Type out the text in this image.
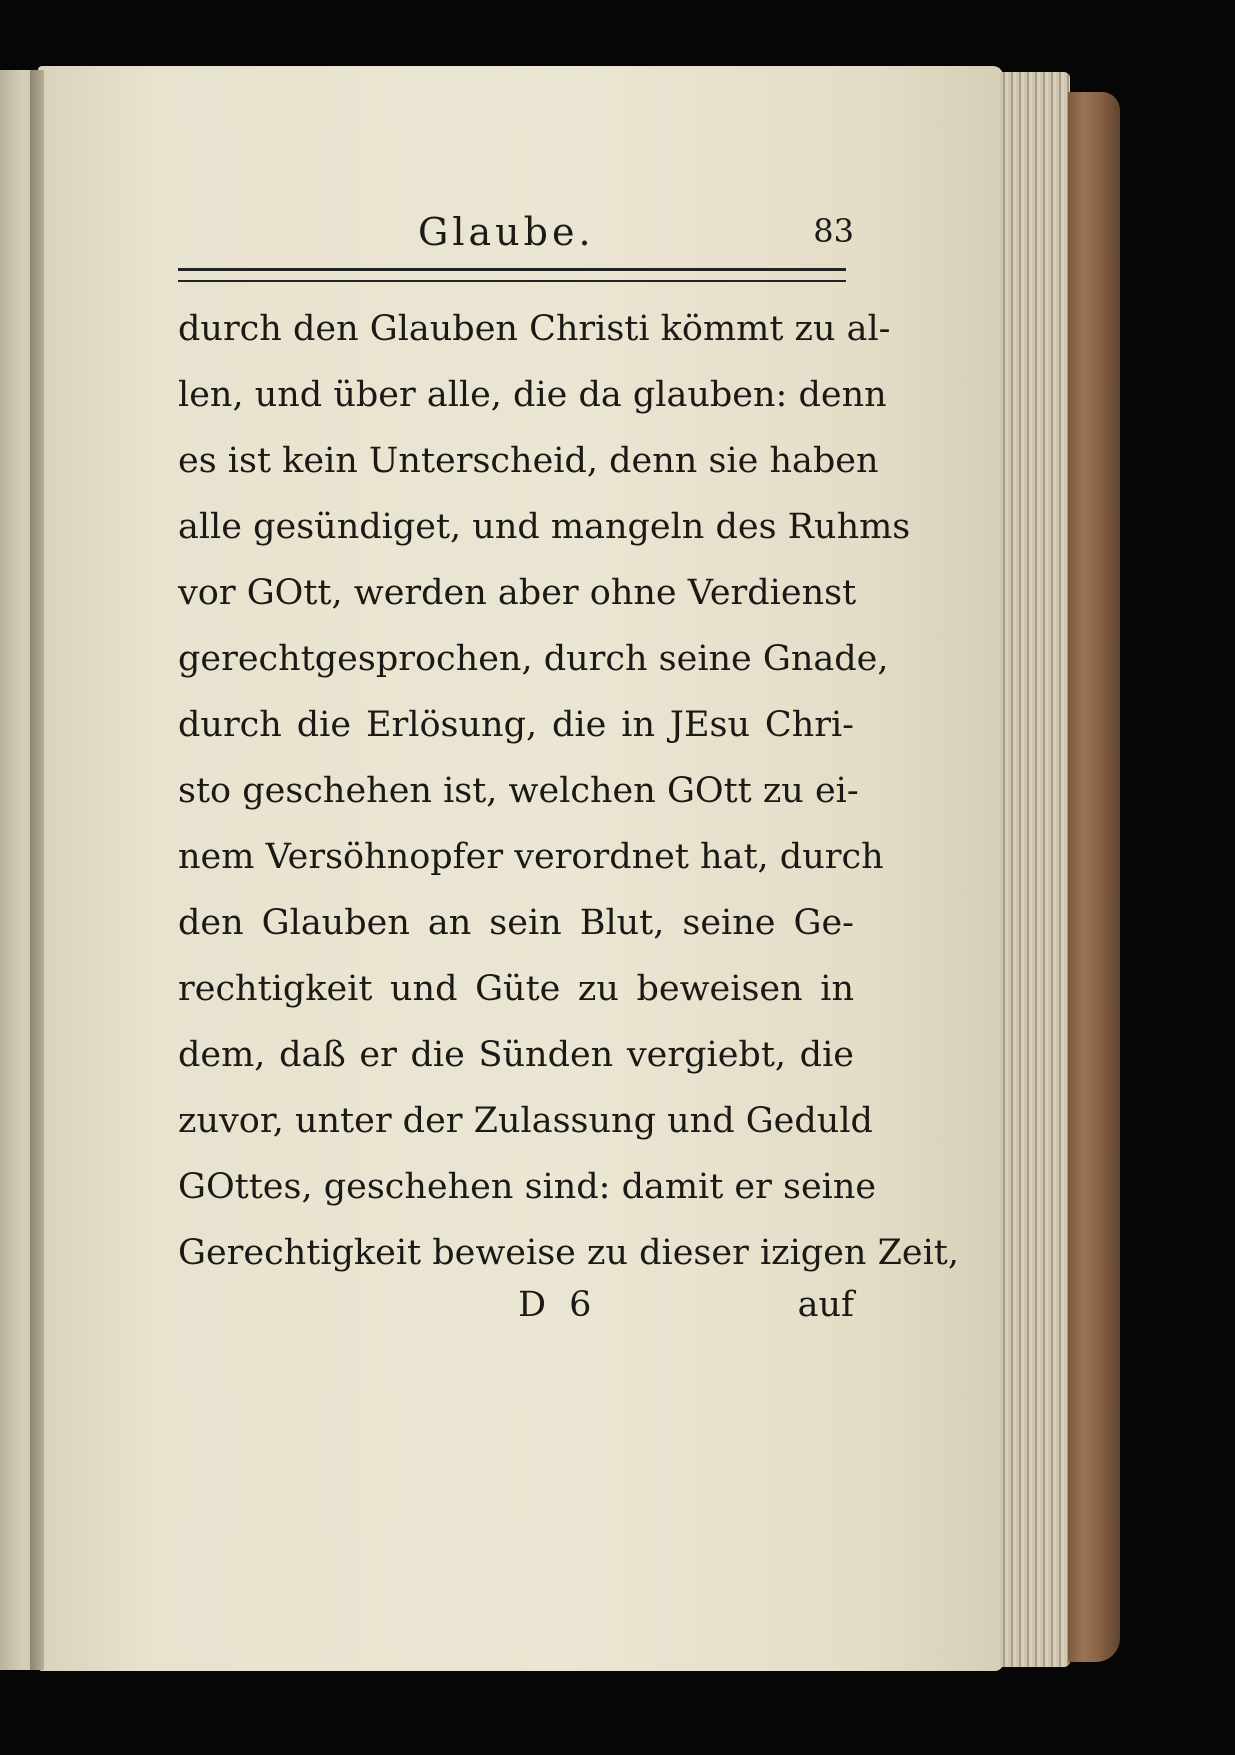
Glaube.	83
durch den Glauben Christi kömmt zu al-
len, und über alle, die da glauben: denn
es ist kein Unterscheid, denn sie haben
alle gesündiget, und mangeln des Ruhms
vor GOtt, werden aber ohne Verdienst
gerechtgesprochen, durch seine Gnade,
durch die Erlösung, die in JEsu Chri-
sto geschehen ist, welchen GOtt zu ei-
nem Versöhnopfer verordnet hat, durch
den Glauben an sein Blut, seine Ge-
rechtigkeit und Güte zu beweisen in
dem, daß er die Sünden vergiebt, die
zuvor, unter der Zulassung und Geduld
GOttes, geschehen sind: damit er seine
Gerechtigkeit beweise zu dieser izigen Zeit,
D 6	auf
